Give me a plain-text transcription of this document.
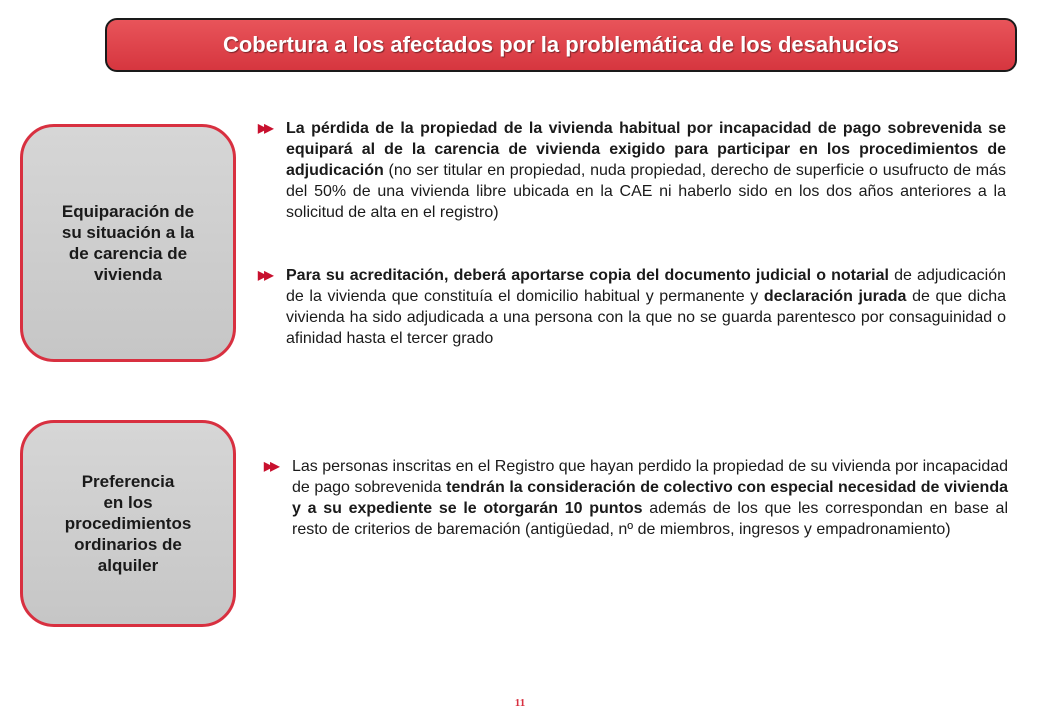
Cobertura a los afectados por la problemática de los desahucios
Equiparación de
su situación a la
de carencia de
vivienda
▶▶ La pérdida de la propiedad de la vivienda habitual por incapacidad de pago sobrevenida se equipará al de la carencia de vivienda exigido para participar en los procedimientos de adjudicación (no ser titular en propiedad, nuda propiedad, derecho de superficie o usufructo de más del 50% de una vivienda libre ubicada en la CAE ni haberlo sido en los dos años anteriores a la solicitud de alta en el registro)
▶▶ Para su acreditación, deberá aportarse copia del documento judicial o notarial de adjudicación de la vivienda que constituía el domicilio habitual y permanente y declaración jurada de que dicha vivienda ha sido adjudicada a una persona con la que no se guarda parentesco por consaguinidad o afinidad hasta el tercer grado
Preferencia
en los
procedimientos
ordinarios de
alquiler
▶▶ Las personas inscritas en el Registro que hayan perdido la propiedad de su vivienda por incapacidad de pago sobrevenida tendrán la consideración de colectivo con especial necesidad de vivienda y a su expediente se le otorgarán 10 puntos además de los que les correspondan en base al resto de criterios de baremación (antigüedad, nº de miembros, ingresos y empadronamiento)
11
